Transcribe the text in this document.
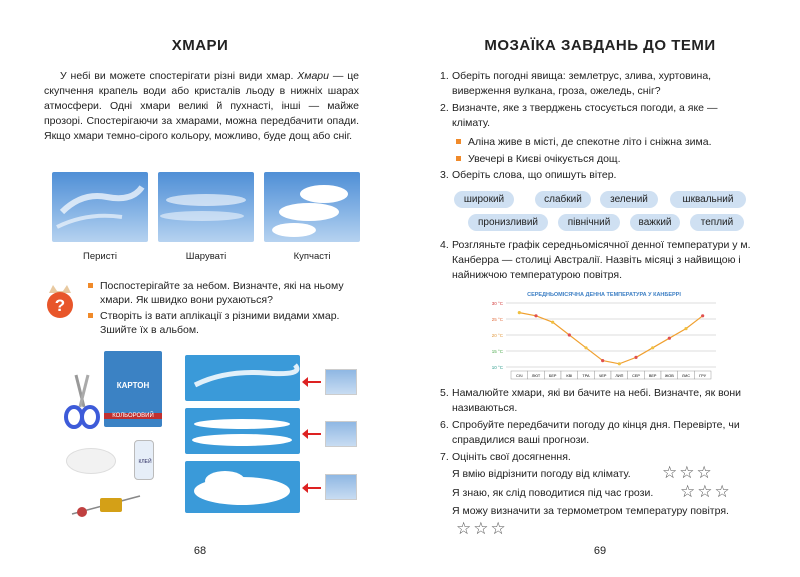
ХМАРИ
У небі ви можете спостерігати різні види хмар. Хмари — це скупчення крапель води або кристалів льоду в нижніх шарах атмосфери. Одні хмари великі й пухнасті, інші — майже прозорі. Спостерігаючи за хмарами, можна передбачити опади. Якщо хмари темно-сірого кольору, можливо, буде дощ або сніг.
Перисті	Шаруваті	Купчасті
?
Поспостерігайте за небом. Визначте, які на ньому хмари. Як швидко вони рухаються?
Створіть із вати аплікації з різними видами хмар. Зшийте їх в альбом.
КАРТОН
КОЛЬОРОВИЙ
КЛЕЙ
68
МОЗАЇКА ЗАВДАНЬ ДО ТЕМИ
1. Оберіть погодні явища: землетрус, злива, хуртовина, виверження вулкана, гроза, ожеледь, сніг?
2. Визначте, яке з тверджень стосується погоди, а яке — клімату.
Аліна живе в місті, де спекотне літо і сніжна зима.
Увечері в Києві очікується дощ.
3. Оберіть слова, що опишуть вітер.
широкий	слабкий	зелений	шквальний
пронизливий	північний	важкий	теплий
4. Розгляньте графік середньомісячної денної температури у м. Канберра — столиці Австралії. Назвіть місяці з найвищою і найнижчою температурою повітря.
СЕРЕДНЬОМІСЯЧНА ДЕННА ТЕМПЕРАТУРА У КАНБЕРРІ
30 °C
25 °C
20 °C
15 °C
10 °C
СІЧ ЛЮТ БЕР	КВІ	ТРА ЧЕР ЛИП СЕР ВЕР ЖОВ ЛИС ГРУ
5. Намалюйте хмари, які ви бачите на небі. Визначте, як вони називаються.
6. Спробуйте передбачити погоду до кінця дня. Перевірте, чи справдилися ваші прогнози.
7. Оцініть свої досягнення.
Я вмію відрізнити погоду від клімату.	☆☆☆
Я знаю, як слід поводитися під час грози.	☆☆☆
Я можу визначити за термометром температуру повітря.
☆☆☆
69
